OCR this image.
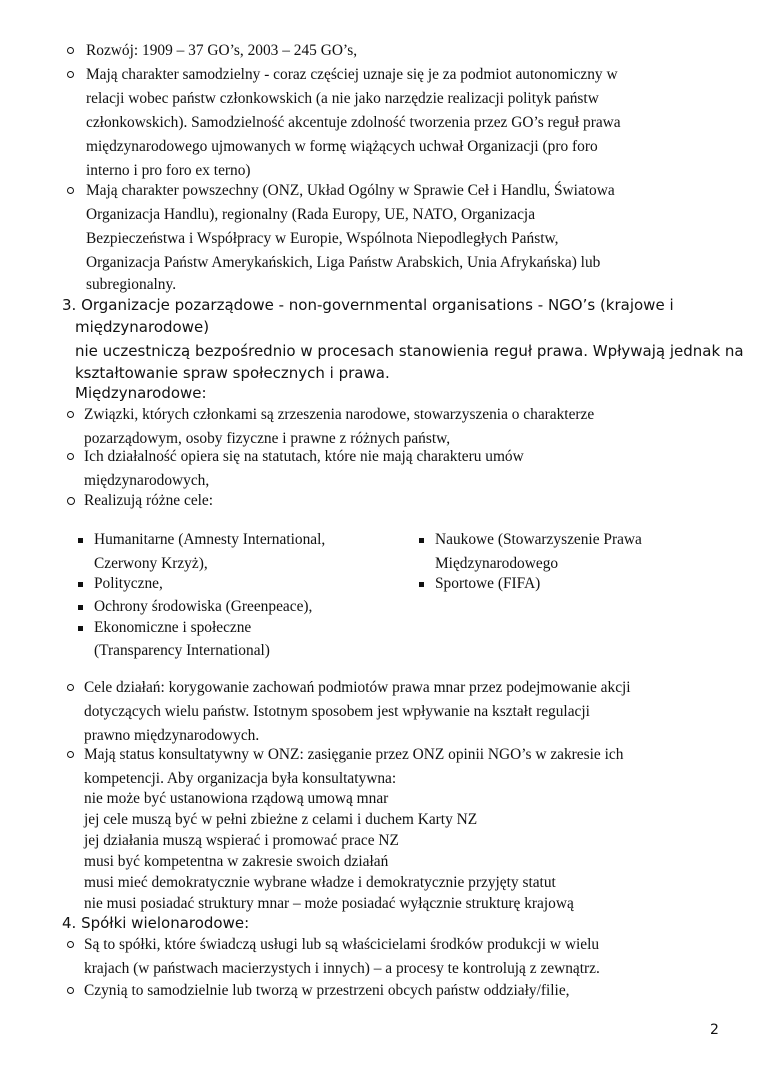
Rozwój: 1909 – 37 GO’s, 2003 – 245 GO’s,
Mają charakter samodzielny - coraz częściej uznaje się je za podmiot autonomiczny w
relacji wobec państw członkowskich (a nie jako narzędzie realizacji polityk państw
członkowskich). Samodzielność akcentuje zdolność tworzenia przez GO’s reguł prawa
międzynarodowego ujmowanych w formę wiążących uchwał Organizacji (pro foro
interno i pro foro ex terno)
Mają charakter powszechny (ONZ, Układ Ogólny w Sprawie Ceł i Handlu, Światowa
Organizacja Handlu), regionalny (Rada Europy, UE, NATO, Organizacja
Bezpieczeństwa i Współpracy w Europie, Wspólnota Niepodległych Państw,
Organizacja Państw Amerykańskich, Liga Państw Arabskich, Unia Afrykańska) lub
subregionalny.
3. Organizacje pozarządowe - non-governmental organisations - NGO’s (krajowe i
międzynarodowe)
nie uczestniczą bezpośrednio w procesach stanowienia reguł prawa. Wpływają jednak na
kształtowanie spraw społecznych i prawa.
Międzynarodowe:
Związki, których członkami są zrzeszenia narodowe, stowarzyszenia o charakterze
pozarządowym, osoby fizyczne i prawne z różnych państw,
Ich działalność opiera się na statutach, które nie mają charakteru umów
międzynarodowych,
Realizują różne cele:
Humanitarne (Amnesty International,
Czerwony Krzyż),
Polityczne,
Ochrony środowiska (Greenpeace),
Ekonomiczne i społeczne
(Transparency International)
Naukowe (Stowarzyszenie Prawa
Międzynarodowego
Sportowe (FIFA)
Cele działań: korygowanie zachowań podmiotów prawa mnar przez podejmowanie akcji
dotyczących wielu państw. Istotnym sposobem jest wpływanie na kształt regulacji
prawno międzynarodowych.
Mają status konsultatywny w ONZ: zasięganie przez ONZ opinii NGO’s w zakresie ich
kompetencji. Aby organizacja była konsultatywna:
nie może być ustanowiona rządową umową mnar
jej cele muszą być w pełni zbieżne z celami i duchem Karty NZ
jej działania muszą wspierać i promować prace NZ
musi być kompetentna w zakresie swoich działań
musi mieć demokratycznie wybrane władze i demokratycznie przyjęty statut
nie musi posiadać struktury mnar – może posiadać wyłącznie strukturę krajową
4. Spółki wielonarodowe:
Są to spółki, które świadczą usługi lub są właścicielami środków produkcji w wielu
krajach (w państwach macierzystych i innych) – a procesy te kontrolują z zewnątrz.
Czynią to samodzielnie lub tworzą w przestrzeni obcych państw oddziały/filie,
2
